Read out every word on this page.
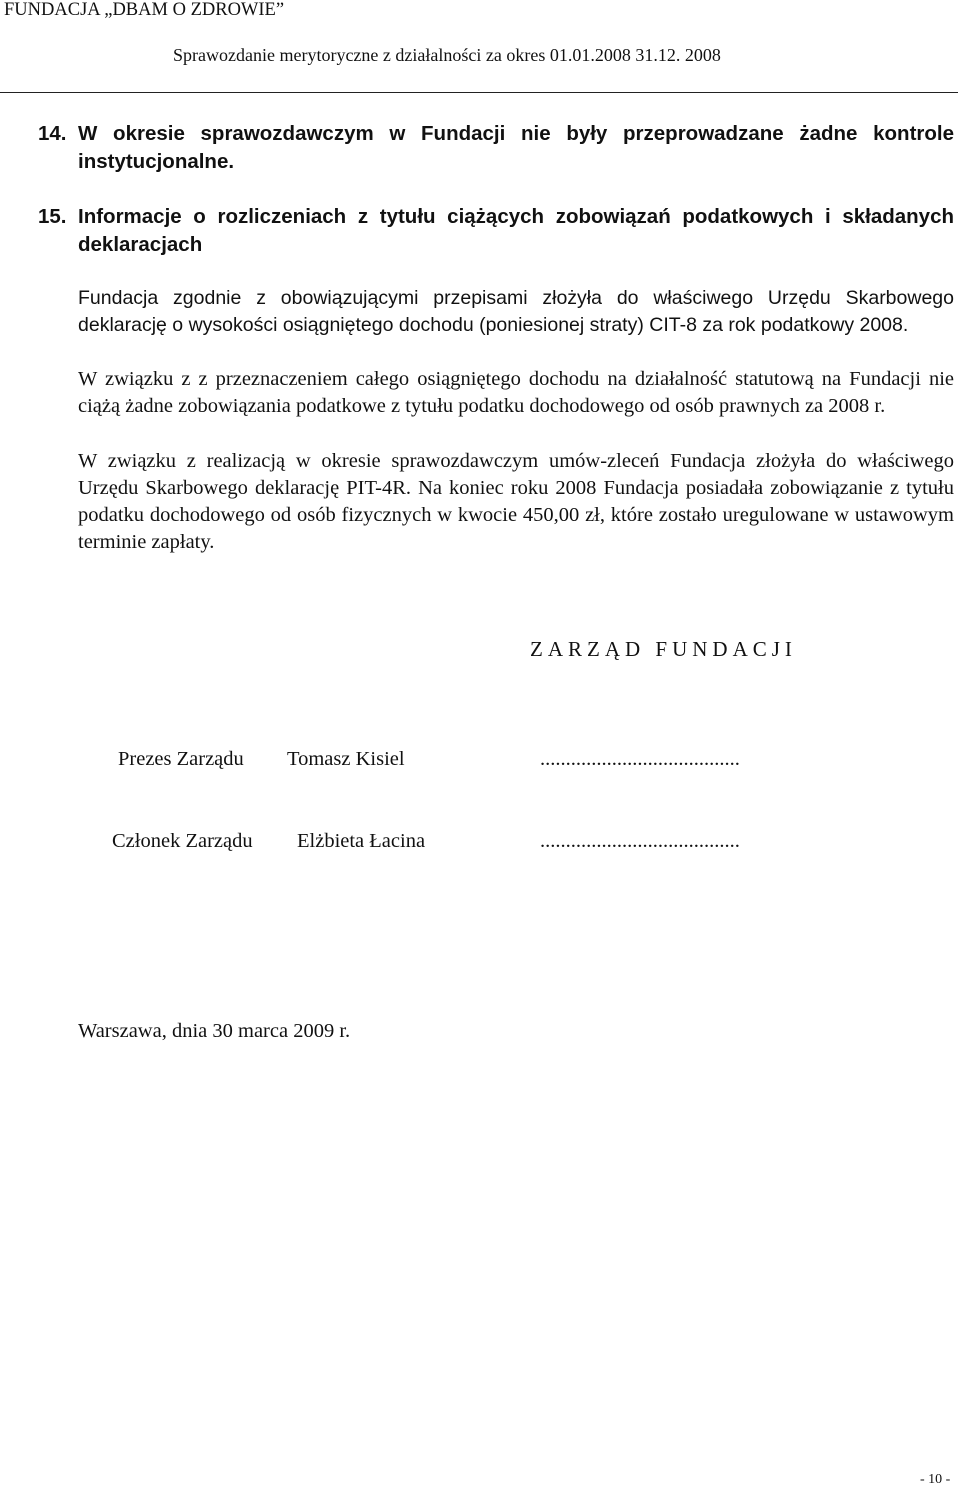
FUNDACJA „DBAM O ZDROWIE”
Sprawozdanie merytoryczne z działalności za okres 01.01.2008 31.12. 2008
14. W okresie sprawozdawczym w Fundacji nie były przeprowadzane żadne kontrole instytucjonalne.
15. Informacje o rozliczeniach z tytułu ciążących zobowiązań podatkowych i składanych deklaracjach

Fundacja zgodnie z obowiązującymi przepisami złożyła do właściwego Urzędu Skarbowego deklarację o wysokości osiągniętego dochodu (poniesionej straty) CIT-8 za rok podatkowy 2008.

W związku z z przeznaczeniem całego osiągniętego dochodu na działalność statutową na Fundacji nie ciążą żadne zobowiązania podatkowe z tytułu podatku dochodowego od osób prawnych za 2008 r.

W związku z realizacją w okresie sprawozdawczym umów-zleceń Fundacja złożyła do właściwego Urzędu Skarbowego deklarację PIT-4R. Na koniec roku 2008 Fundacja posiadała zobowiązanie z tytułu podatku dochodowego od osób fizycznych w kwocie 450,00 zł, które zostało uregulowane w ustawowym terminie zapłaty.

ZARZĄD FUNDACJI
Prezes Zarządu Tomasz Kisiel	.......................................
Członek Zarządu Elżbieta Łacina	.......................................
Warszawa, dnia 30 marca 2009 r.
- 10 -
